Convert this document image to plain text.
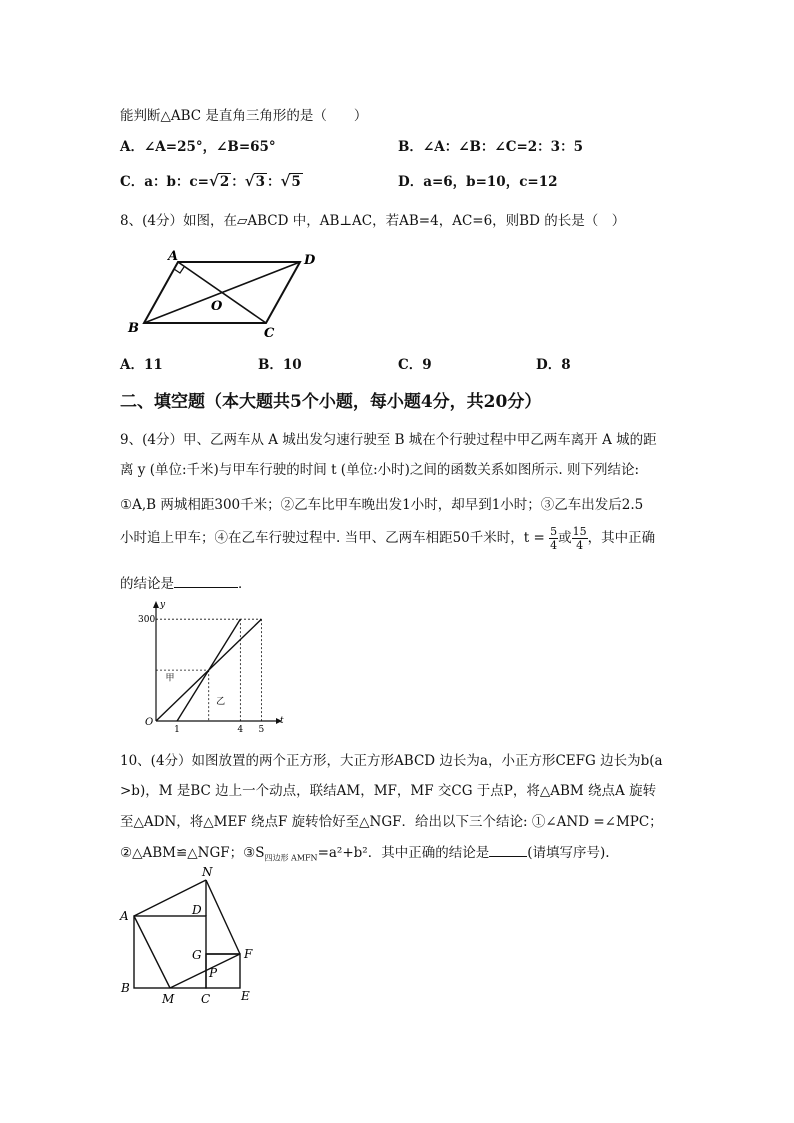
能判断△ABC 是直角三角形的是（　　）
A．∠A=25°，∠B=65°	B．∠A：∠B：∠C=2：3：5
C．a：b：c=√2 ：√3 ：√5	D．a=6，b=10，c=12
8、(4分）如图，在▱ABCD 中，AB⊥AC，若AB=4，AC=6，则BD 的长是（　）
A	D
B	C
O
A．11	B．10	C．9	D．8
二、填空题（本大题共5个小题，每小题4分，共20分）
9、(4分）甲、乙两车从 A 城出发匀速行驶至 B 城在个行驶过程中甲乙两车离开 A 城的距
离 y (单位:千米)与甲车行驶的时间 t (单位:小时)之间的函数关系如图所示. 则下列结论:
①A,B 两城相距300千米；②乙车比甲车晚出发1小时，却早到1小时；③乙车出发后2.5
小时追上甲车；④在乙车行驶过程中. 当甲、乙两车相距50千米时，$t = \frac{5}{4}$ 或 $\frac{15}{4}$ ，其中正确
的结论是	．
甲
乙
1	4 5
300
O	t
y
10、(4分）如图放置的两个正方形，大正方形ABCD 边长为a，小正方形CEFG 边长为b(a
>b)，M 是BC 边上一个动点，联结AM，MF，MF 交CG 于点P，将△ABM 绕点A 旋转
至△ADN，将△MEF 绕点F 旋转恰好至△NGF．给出以下三个结论: ①∠AND =∠MPC；
②△ABM≌△NGF；$③S_{四边形 AMFN}=a^2+b^2$．其中正确的结论是	(请填写序号).
N
A	D
G	F
P
B
M C	E
